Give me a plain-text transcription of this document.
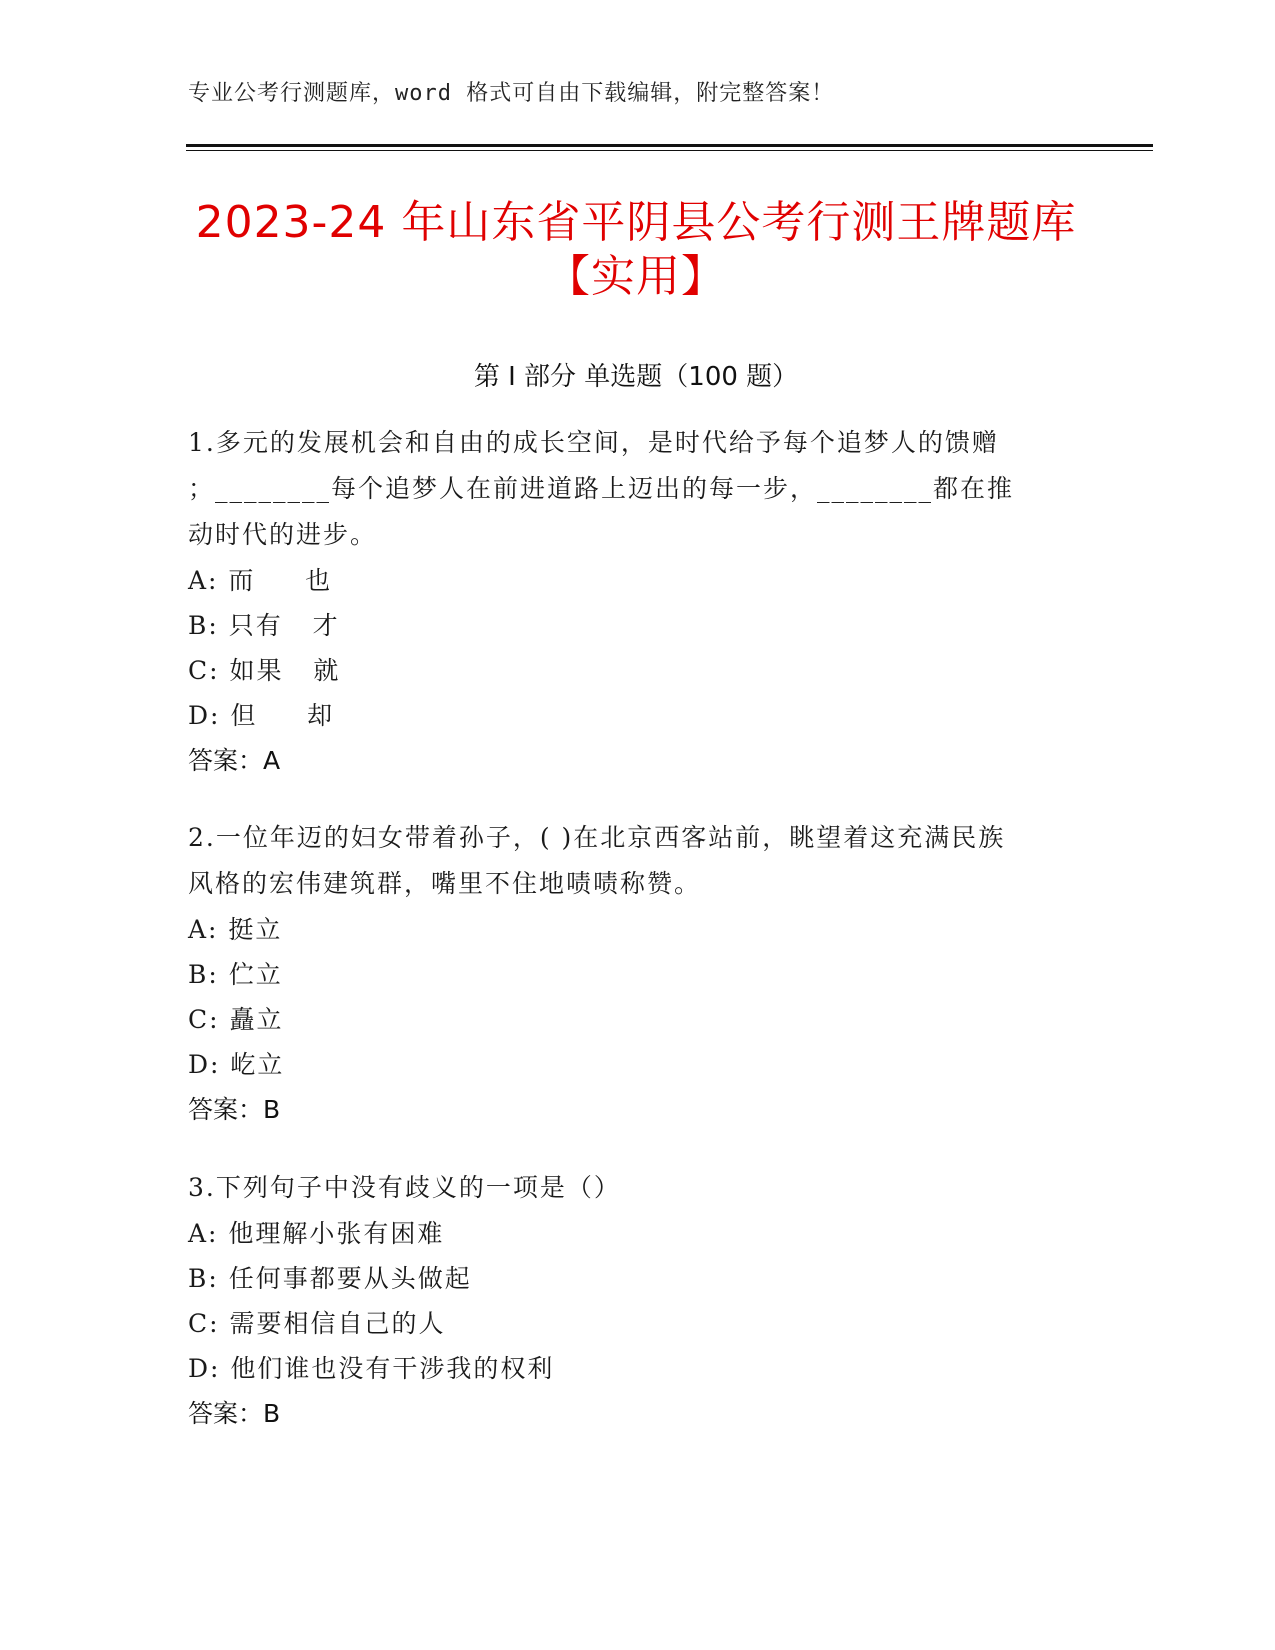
专业公考行测题库，word 格式可自由下载编辑，附完整答案！
2023-24 年山东省平阴县公考行测王牌题库
【实用】
第 I 部分 单选题（100 题）
1.多元的发展机会和自由的成长空间，是时代给予每个追梦人的馈赠
；________每个追梦人在前进道路上迈出的每一步，________都在推
动时代的进步。
A: 而     也
B: 只有   才
C: 如果   就
D: 但     却
答案：A
2.一位年迈的妇女带着孙子，( )在北京西客站前，眺望着这充满民族
风格的宏伟建筑群，嘴里不住地啧啧称赞。
A: 挺立
B: 伫立
C: 矗立
D: 屹立
答案：B
3.下列句子中没有歧义的一项是（）
A: 他理解小张有困难
B: 任何事都要从头做起
C: 需要相信自己的人
D: 他们谁也没有干涉我的权利
答案：B
